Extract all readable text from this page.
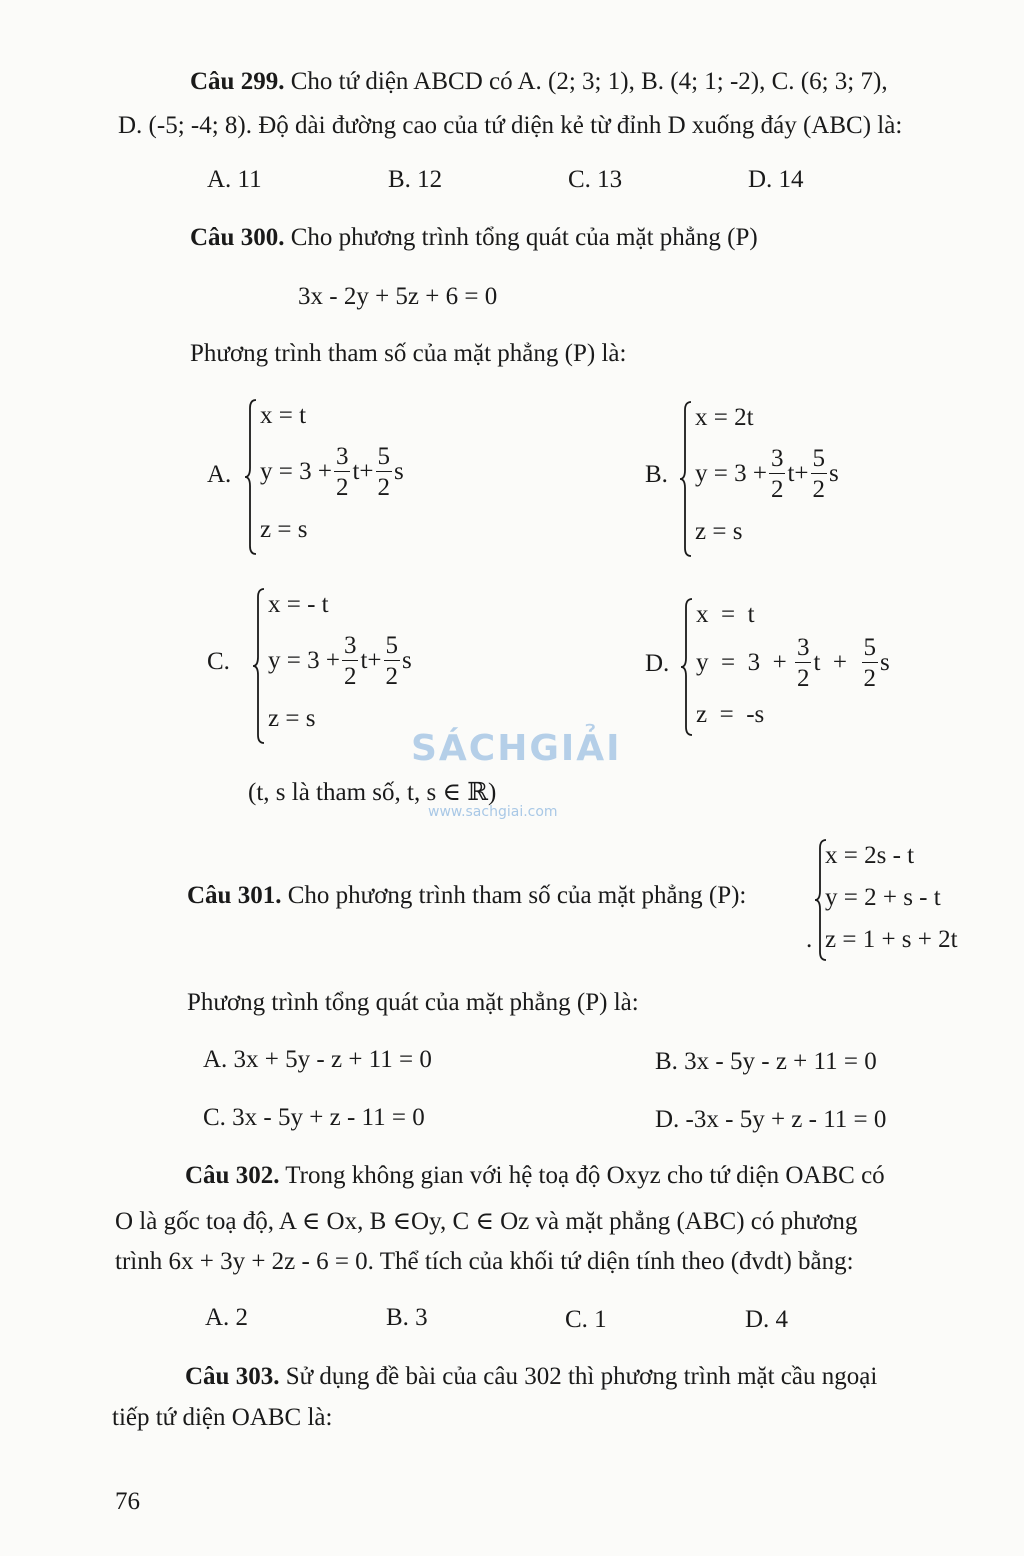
Câu 299. Cho tứ diện ABCD có A. (2; 3; 1), B. (4; 1; -2), C. (6; 3; 7),
D. (-5; -4; 8). Độ dài đường cao của tứ diện kẻ từ đỉnh D xuống đáy (ABC) là:
A. 11	B. 12	C. 13	D. 14
Câu 300. Cho phương trình tổng quát của mặt phẳng (P)
3x - 2y + 5z + 6 = 0
Phương trình tham số của mặt phẳng (P) là:
A.
x = t
$y = 3 + \frac{3}{2}$ $t + \frac{5}{2}$ s
z = s
B.
x = 2t
$y = 3 + \frac{3}{2}$ $t + \frac{5}{2}$ s
z = s
C.
x = - t
$y = 3 + \frac{3}{2}$ $t + \frac{5}{2}$ s
z = s
D.
x  =  t
y  =  3  +
$\frac{3}{2}$ t
+
$\frac{5}{2}$ s
z  =  -s
(t, s là tham số, t, s ∈ ℝ)
SÁCHGIẢI
www.sachgiai.com
Câu 301. Cho phương trình tham số của mặt phẳng (P):
.
x = 2s - t
y = 2 + s - t
z = 1 + s + 2t
Phương trình tổng quát của mặt phẳng (P) là:
A. 3x + 5y - z + 11 = 0	B. 3x - 5y - z + 11 = 0
C. 3x - 5y + z - 11 = 0	D. -3x - 5y + z - 11 = 0
Câu 302. Trong không gian với hệ toạ độ Oxyz cho tứ diện OABC có
O là gốc toạ độ, A ∈ Ox, B ∈Oy, C ∈ Oz và mặt phẳng (ABC) có phương
trình 6x + 3y + 2z - 6 = 0. Thể tích của khối tứ diện tính theo (đvdt) bằng:
A. 2	B. 3	C. 1	D. 4
Câu 303. Sử dụng đề bài của câu 302 thì phương trình mặt cầu ngoại
tiếp tứ diện OABC là:
76
